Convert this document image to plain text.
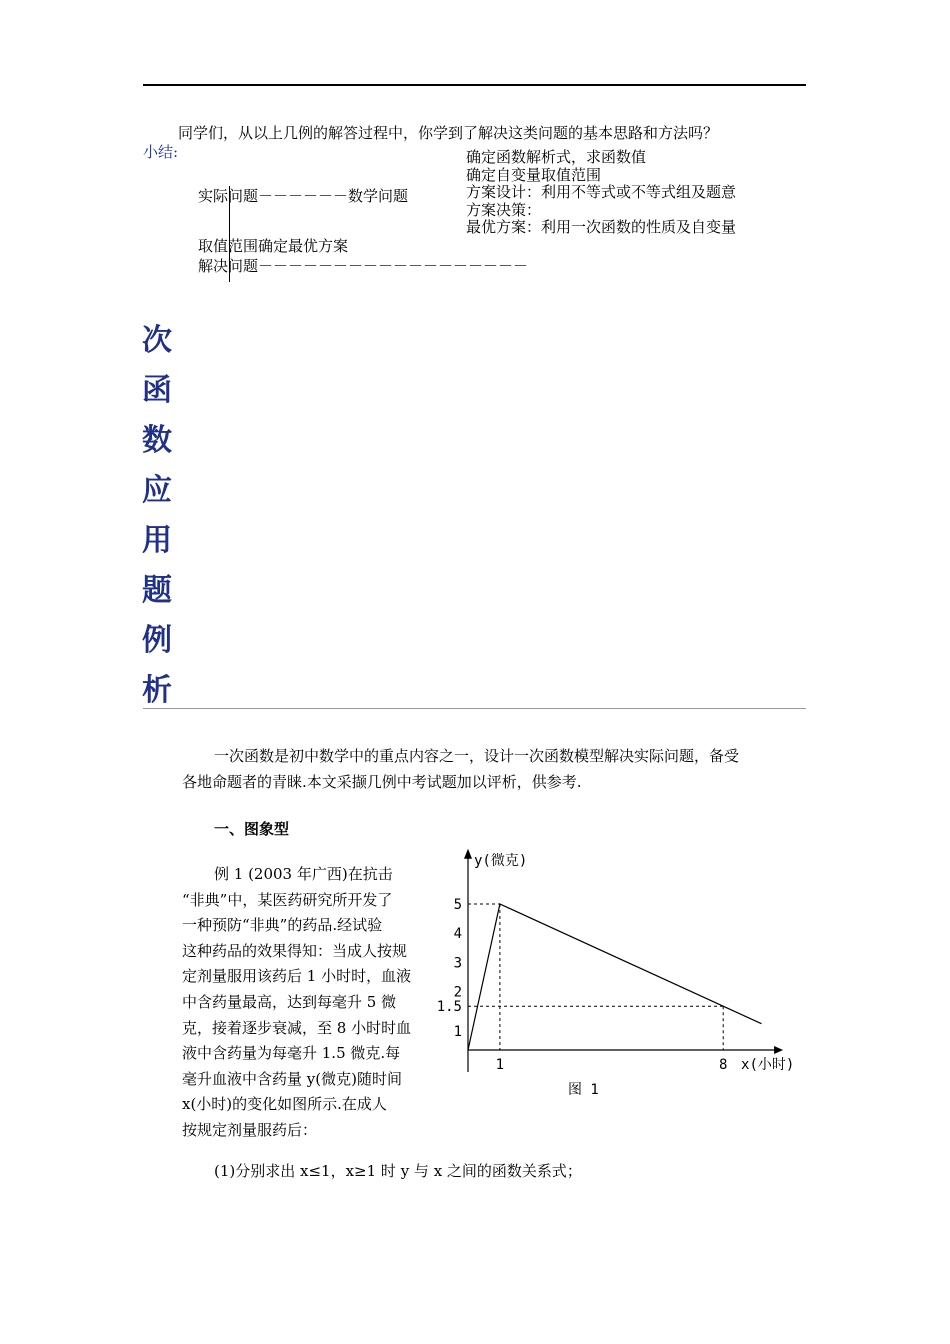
同学们，从以上几例的解答过程中，你学到了解决这类问题的基本思路和方法吗？
小结:	确定函数解析式，求函数值
确定自变量取值范围
方案设计：利用不等式或不等式组及题意
方案决策：
最优方案：利用一次函数的性质及自变量
实际问题－－－－－－数学问题
取值范围确定最优方案
解决问题－－－－－－－－－－－－－－－－－－
次
函
数
应
用
题
例
析
一次函数是初中数学中的重点内容之一，设计一次函数模型解决实际问题，备受
各地命题者的青睐.本文采撷几例中考试题加以评析，供参考.
一、图象型
例 1 (2003 年广西)在抗击
“非典”中，某医药研究所开发了
一种预防“非典”的药品.经试验
这种药品的效果得知：当成人按规
定剂量服用该药后 1 小时时，血液
中含药量最高，达到每毫升 5 微
克，接着逐步衰减，至 8 小时时血
液中含药量为每毫升 1.5 微克.每
毫升血液中含药量 y(微克)随时间
x(小时)的变化如图所示.在成人
按规定剂量服药后：
5
4
3
2
1.5
1
1	8
y(微克)
x(小时)
图 1
(1)分别求出 x≤1，x≥1 时 y 与 x 之间的函数关系式；
